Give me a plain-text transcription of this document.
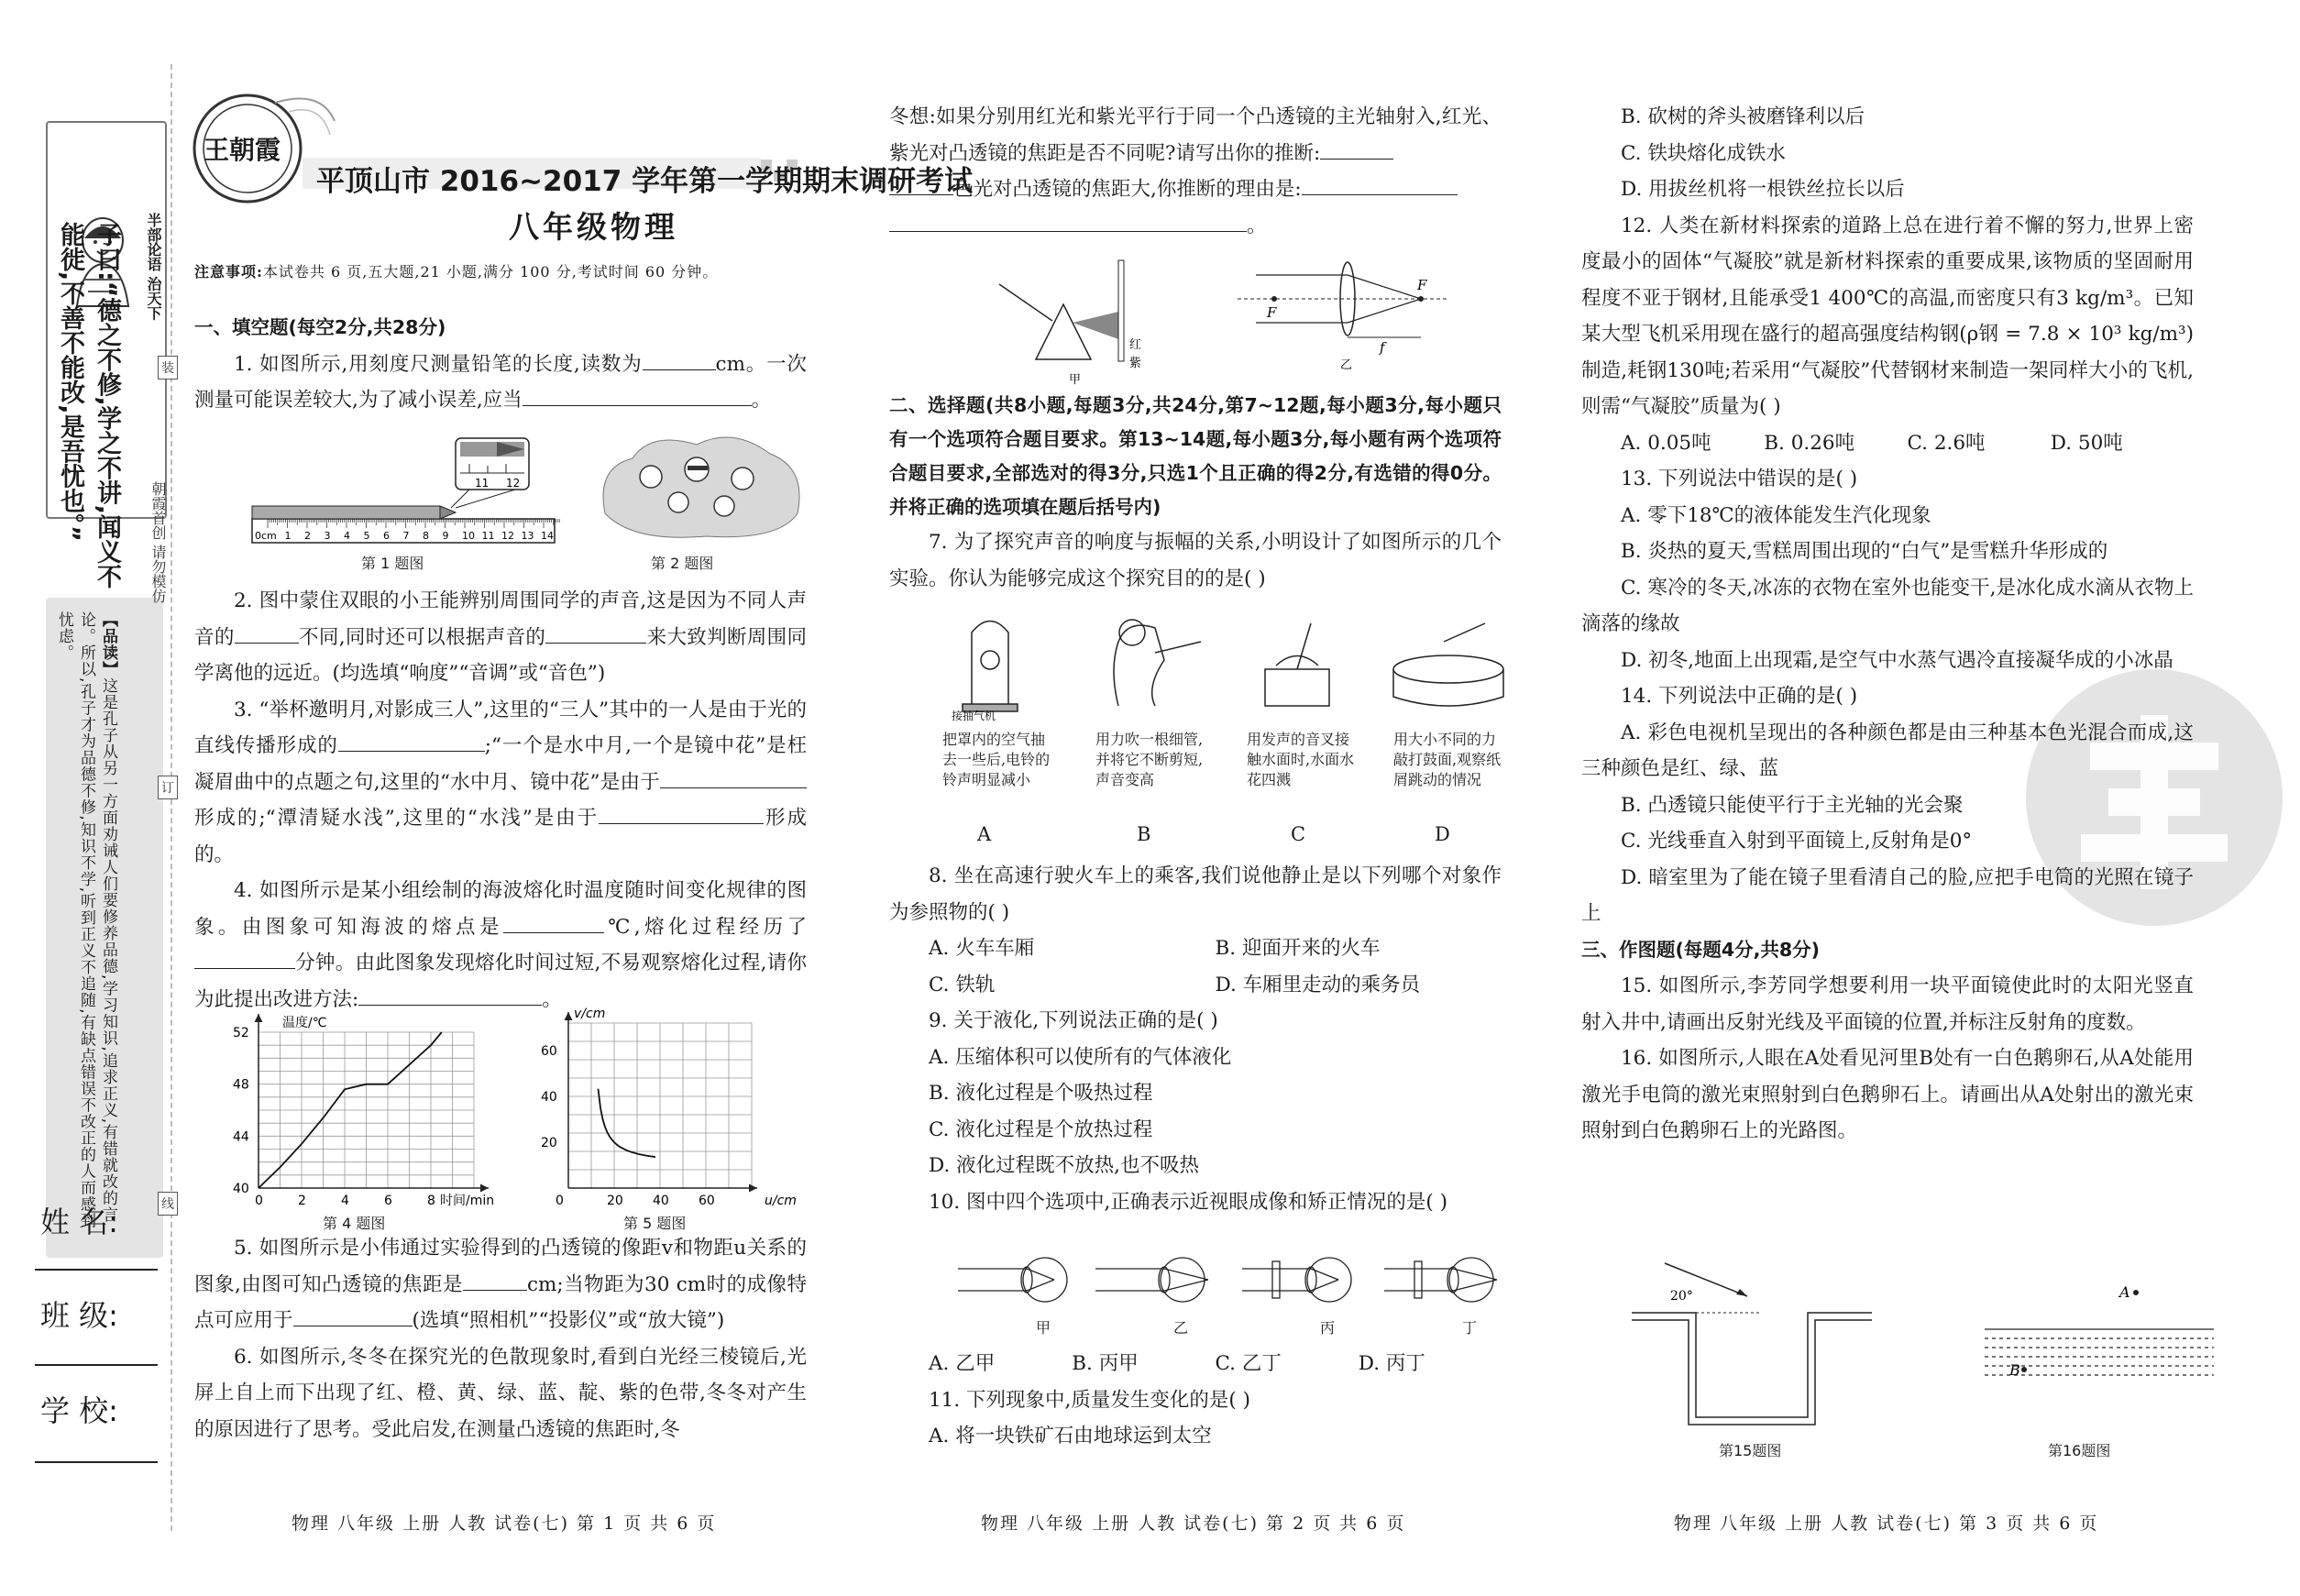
半部论语 治天下
子曰:“德之不修,学之不讲,闻义不能徙,不善不能改,是吾忧也。”
【品读】这是孔子从另一方面劝诫人们要修养品德,学习知识,追求正义,有错就改的言论。所以,孔子才为品德不修,知识不学,听到正义不追随,有缺点错误不改正的人而感到忧虑。
装
朝霞首创 请勿模仿
订
线
姓 名:
班 级:
学 校:
王朝霞
平顶山市 2016~2017 学年第一学期期末调研考试
八年级物理
注意事项:本试卷共 6 页,五大题,21 小题,满分 100 分,考试时间 60 分钟。

一、填空题(每空2分,共28分)

1. 如图所示,用刻度尺测量铅笔的长度,读数为	cm。一次测量可能误差较大,为了减小误差,应当	。

11 12
0cm 1 2 3 4 5 6 7 8 9 10 11 12 13 14
第 1 题图	第 2 题图

2. 图中蒙住双眼的小王能辨别周围同学的声音,这是因为不同人声音的	不同,同时还可以根据声音的	来大致判断周围同学离他的远近。(均选填“响度”“音调”或“音色”)

3. “举杯邀明月,对影成三人”,这里的“三人”其中的一人是由于光的直线传播形成的	;“一个是水中月,一个是镜中花”是枉凝眉曲中的点题之句,这里的“水中月、镜中花”是由于形成的;“潭清疑水浅”,这里的“水浅”是由于	形成的。

4. 如图所示是某小组绘制的海波熔化时温度随时间变化规律的图象。由图象可知海波的熔点是	℃,熔化过程经历了分钟。由此图象发现熔化时间过短,不易观察熔化过程,请你为此提出改进方法:	。

温度/℃
时间/min
52
48
44
40
0	2	4	6	8
第 4 题图
v/cm
u/cm
60
40
20
0	20 40 60
第 5 题图

5. 如图所示是小伟通过实验得到的凸透镜的像距v和物距u关系的图象,由图可知凸透镜的焦距是	cm;当物距为30 cm时的成像特点可应用于	(选填“照相机”“投影仪”或“放大镜”)

6. 如图所示,冬冬在探究光的色散现象时,看到白光经三棱镜后,光屏上自上而下出现了红、橙、黄、绿、蓝、靛、紫的色带,冬冬对产生的原因进行了思考。受此启发,在测量凸透镜的焦距时,冬

物理 八年级 上册 人教 试卷(七) 第 1 页 共 6 页

冬想:如果分别用红光和紫光平行于同一个凸透镜的主光轴射入,红光、紫光对凸透镜的焦距是否不同呢?请写出你的推断:
色光对凸透镜的焦距大,你推断的理由是:
。

红
紫
甲
F
F
f
乙

二、选择题(共8小题,每题3分,共24分,第7~12题,每小题3分,每小题只有一个选项符合题目要求。第13~14题,每小题3分,每小题有两个选项符合题目要求,全部选对的得3分,只选1个且正确的得2分,有选错的得0分。并将正确的选项填在题后括号内)

7. 为了探究声音的响度与振幅的关系,小明设计了如图所示的几个实验。你认为能够完成这个探究目的的是( )

接抽气机
把罩内的空气抽去一些后,电铃的铃声明显减小
用力吹一根细管,并将它不断剪短,声音变高
用发声的音叉接触水面时,水面水花四溅
用大小不同的力敲打鼓面,观察纸屑跳动的情况
A	B	C	D

8. 坐在高速行驶火车上的乘客,我们说他静止是以下列哪个对象作为参照物的( )

A. 火车车厢	B. 迎面开来的火车
C. 铁轨	D. 车厢里走动的乘务员

9. 关于液化,下列说法正确的是( )

A. 压缩体积可以使所有的气体液化

B. 液化过程是个吸热过程

C. 液化过程是个放热过程

D. 液化过程既不放热,也不吸热

10. 图中四个选项中,正确表示近视眼成像和矫正情况的是( )

甲	乙	丙	丁
A. 乙甲	B. 丙甲	C. 乙丁	D. 丙丁

11. 下列现象中,质量发生变化的是( )

A. 将一块铁矿石由地球运到太空

物理 八年级 上册 人教 试卷(七) 第 2 页 共 6 页

B. 砍树的斧头被磨锋利以后

C. 铁块熔化成铁水

D. 用拔丝机将一根铁丝拉长以后

12. 人类在新材料探索的道路上总在进行着不懈的努力,世界上密度最小的固体“气凝胶”就是新材料探索的重要成果,该物质的坚固耐用程度不亚于钢材,且能承受1 400℃的高温,而密度只有3 kg/m³。已知某大型飞机采用现在盛行的超高强度结构钢(ρ钢 = 7.8 × 10³ kg/m³)制造,耗钢130吨;若采用“气凝胶”代替钢材来制造一架同样大小的飞机,则需“气凝胶”质量为( )

A. 0.05吨	B. 0.26吨	C. 2.6吨	D. 50吨

13. 下列说法中错误的是( )

A. 零下18℃的液体能发生汽化现象

B. 炎热的夏天,雪糕周围出现的“白气”是雪糕升华形成的

C. 寒冷的冬天,冰冻的衣物在室外也能变干,是冰化成水滴从衣物上滴落的缘故

D. 初冬,地面上出现霜,是空气中水蒸气遇冷直接凝华成的小冰晶

14. 下列说法中正确的是( )

A. 彩色电视机呈现出的各种颜色都是由三种基本色光混合而成,这三种颜色是红、绿、蓝

B. 凸透镜只能使平行于主光轴的光会聚

C. 光线垂直入射到平面镜上,反射角是0°

D. 暗室里为了能在镜子里看清自己的脸,应把手电筒的光照在镜子上

三、作图题(每题4分,共8分)

15. 如图所示,李芳同学想要利用一块平面镜使此时的太阳光竖直射入井中,请画出反射光线及平面镜的位置,并标注反射角的度数。

16. 如图所示,人眼在A处看见河里B处有一白色鹅卵石,从A处能用激光手电筒的激光束照射到白色鹅卵石上。请画出从A处射出的激光束照射到白色鹅卵石上的光路图。

20°
第15题图
A
B
第16题图
物理 八年级 上册 人教 试卷(七) 第 3 页 共 6 页
